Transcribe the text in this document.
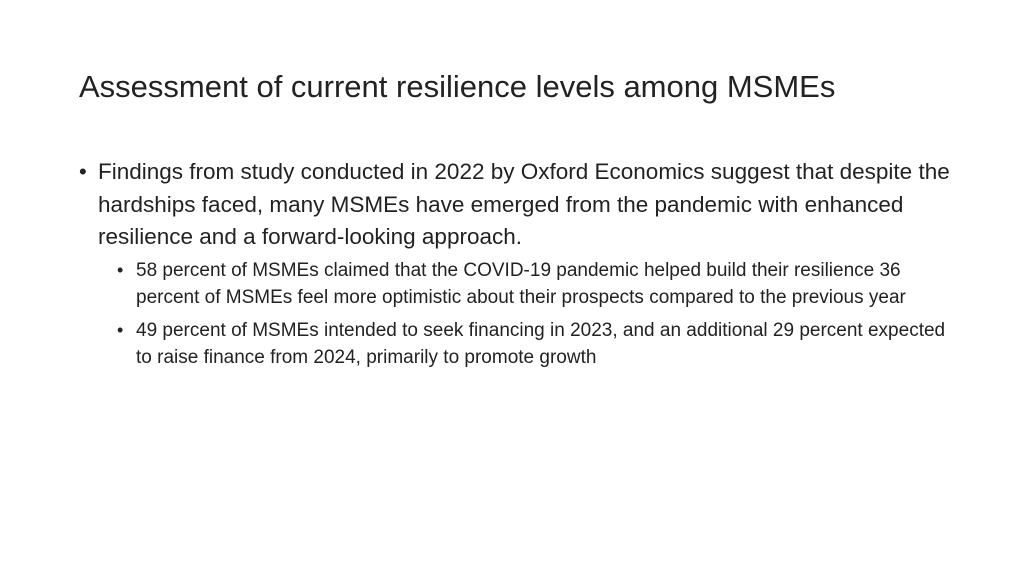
Assessment of current resilience levels among MSMEs
• Findings from study conducted in 2022 by Oxford Economics suggest that despite the hardships faced, many MSMEs have emerged from the pandemic with enhanced resilience and a forward-looking approach.
• 58 percent of MSMEs claimed that the COVID-19 pandemic helped build their resilience 36 percent of MSMEs feel more optimistic about their prospects compared to the previous year
• 49 percent of MSMEs intended to seek financing in 2023, and an additional 29 percent expected to raise finance from 2024, primarily to promote growth
